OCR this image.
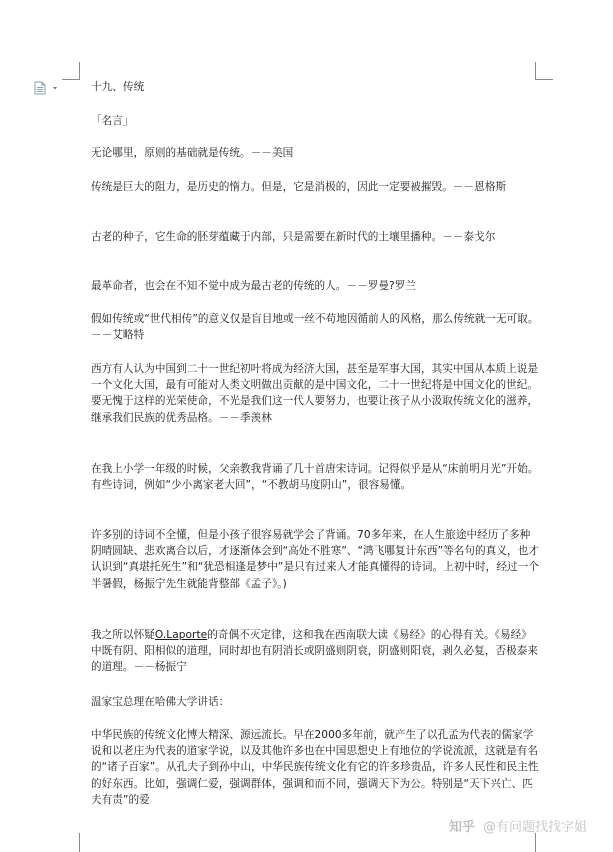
十九、传统

「名言」

无论哪里，原则的基础就是传统。－－美国

传统是巨大的阻力，是历史的惰力。但是，它是消极的，因此一定要被摧毁。－－恩格斯

古老的种子，它生命的胚芽蕴藏于内部，只是需要在新时代的土壤里播种。－－泰戈尔

最革命者，也会在不知不觉中成为最古老的传统的人。－－罗曼?罗兰

假如传统或“世代相传”的意义仅是盲目地或一丝不苟地因循前人的风格，那么传统就一无可取。－－艾略特

西方有人认为中国到二十一世纪初叶将成为经济大国，甚至是军事大国，其实中国从本质上说是一个文化大国，最有可能对人类文明做出贡献的是中国文化，二十一世纪将是中国文化的世纪。要无愧于这样的光荣使命，不光是我们这一代人要努力，也要让孩子从小汲取传统文化的滋养，继承我们民族的优秀品格。－－季羡林

在我上小学一年级的时候，父亲教我背诵了几十首唐宋诗词。记得似乎是从“床前明月光”开始。有些诗词，例如“少小离家老大回”，“不教胡马度阴山”，很容易懂。

许多别的诗词不全懂，但是小孩子很容易就学会了背诵。70多年来，在人生旅途中经历了多种阴晴圆缺、悲欢离合以后，才逐渐体会到“高处不胜寒”、“鸿飞哪复计东西”等名句的真义，也才认识到“真堪托死生”和“犹恐相逢是梦中”是只有过来人才能真懂得的诗词。上初中时，经过一个半暑假，杨振宁先生就能背整部《孟子》。)

我之所以怀疑O.Laporte的奇偶不灭定律，这和我在西南联大读《易经》的心得有关。《易经》中既有阴、阳相似的道理，同时却也有阴消长或阴盛则阴衰，阴盛则阳衰，剥久必复，否极泰来的道理。－－杨振宁

温家宝总理在哈佛大学讲话：

中华民族的传统文化博大精深、源远流长。早在2000多年前，就产生了以孔孟为代表的儒家学说和以老庄为代表的道家学说，以及其他许多也在中国思想史上有地位的学说流派，这就是有名的“诸子百家”。从孔夫子到孙中山，中华民族传统文化有它的许多珍贵品，许多人民性和民主性的好东西。比如，强调仁爱，强调群体，强调和而不同，强调天下为公。特别是“天下兴亡、匹夫有责”的爱

知乎 @有问题找找字姐
